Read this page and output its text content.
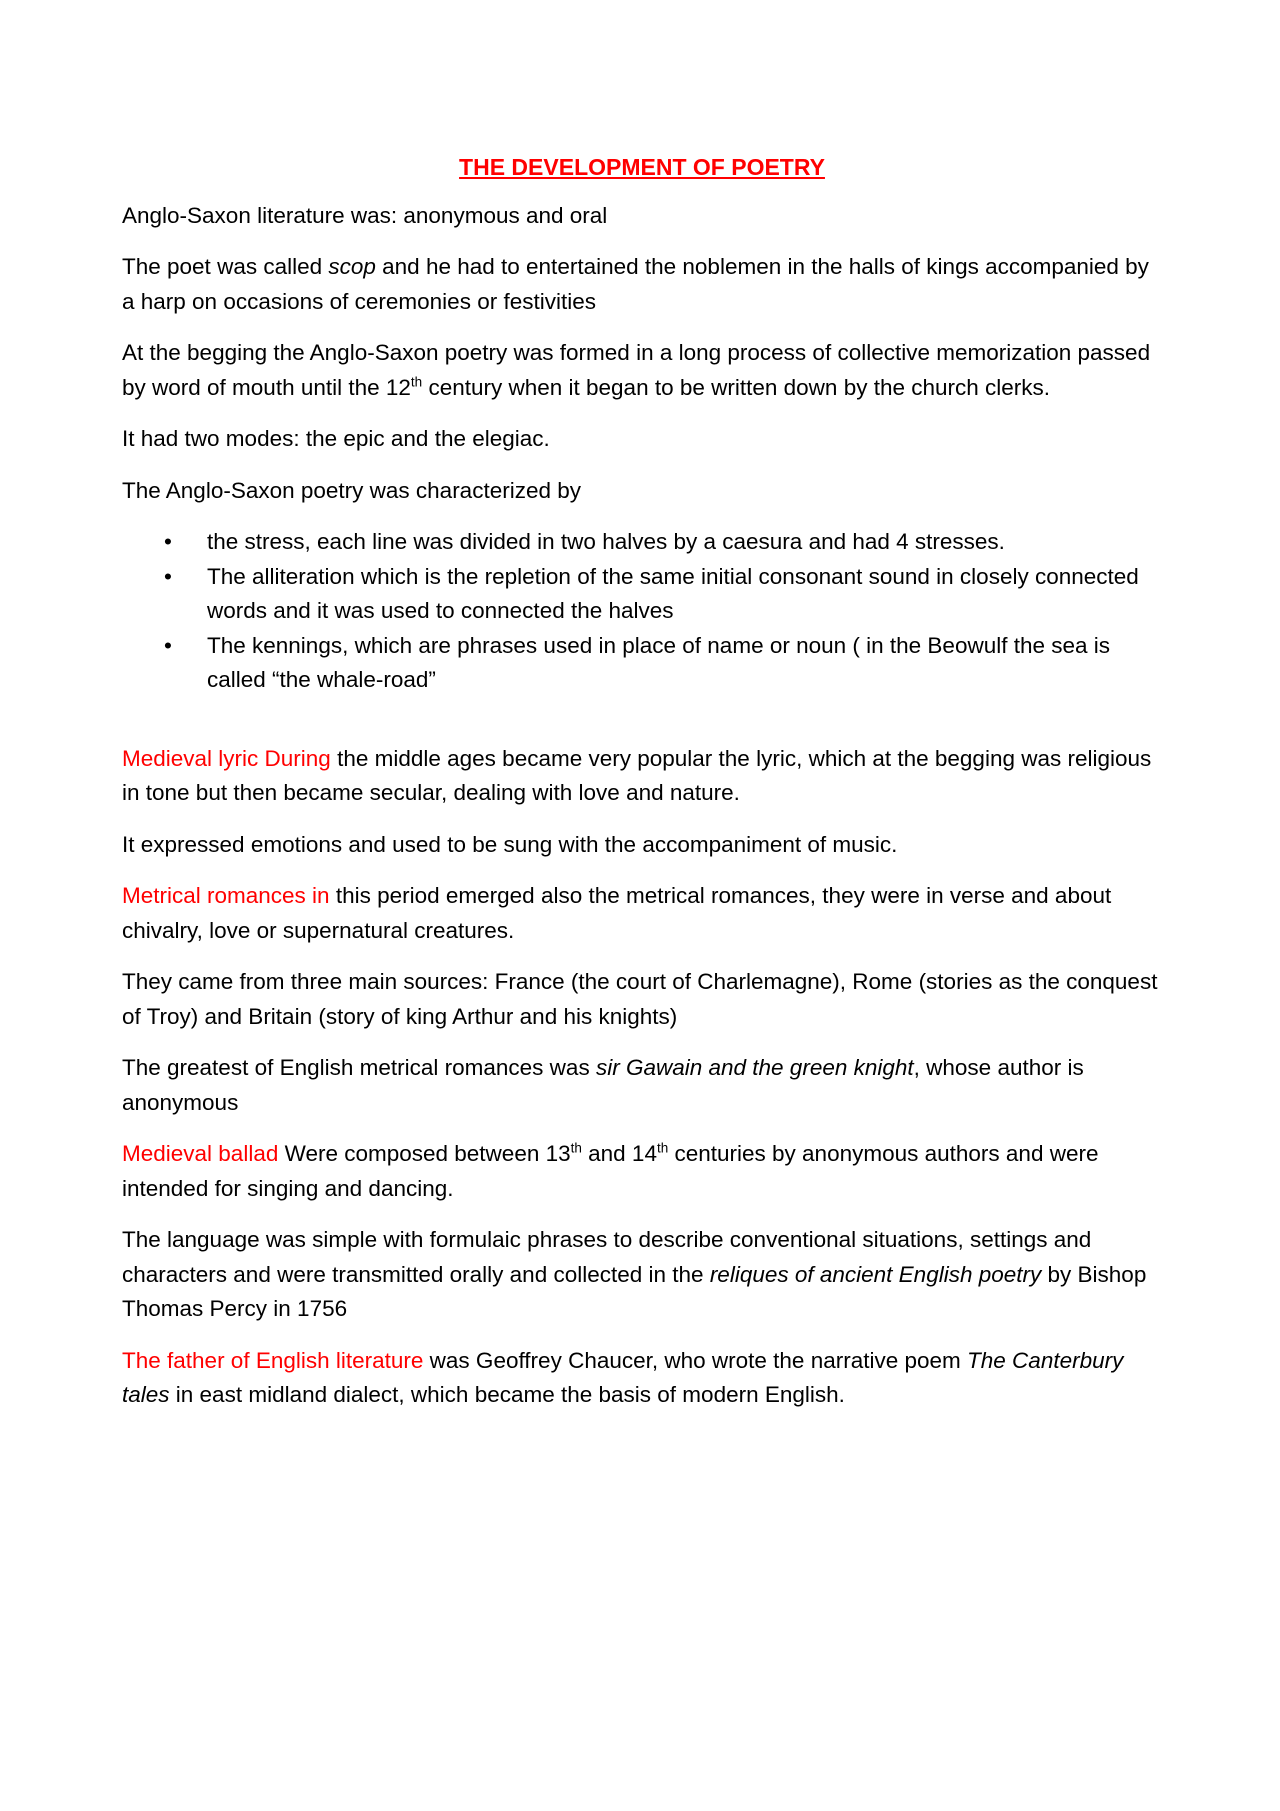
THE DEVELOPMENT OF POETRY

Anglo-Saxon literature was: anonymous and oral

The poet was called scop and he had to entertained the noblemen in the halls of kings accompanied by a harp on occasions of ceremonies or festivities

At the begging the Anglo-Saxon poetry was formed in a long process of collective memorization passed by word of mouth until the 12th century when it began to be written down by the church clerks.

It had two modes: the epic and the elegiac.

The Anglo-Saxon poetry was characterized by

• the stress, each line was divided in two halves by a caesura and had 4 stresses.
• The alliteration which is the repletion of the same initial consonant sound in closely connected words and it was used to connected the halves
• The kennings, which are phrases used in place of name or noun ( in the Beowulf the sea is called “the whale-road”

Medieval lyric During the middle ages became very popular the lyric, which at the begging was religious in tone but then became secular, dealing with love and nature.

It expressed emotions and used to be sung with the accompaniment of music.

Metrical romances in this period emerged also the metrical romances, they were in verse and about chivalry, love or supernatural creatures.

They came from three main sources: France (the court of Charlemagne), Rome (stories as the conquest of Troy) and Britain (story of king Arthur and his knights)

The greatest of English metrical romances was sir Gawain and the green knight, whose author is anonymous

Medieval ballad Were composed between 13th and 14th centuries by anonymous authors and were intended for singing and dancing.

The language was simple with formulaic phrases to describe conventional situations, settings and characters and were transmitted orally and collected in the reliques of ancient English poetry by Bishop Thomas Percy in 1756

The father of English literature was Geoffrey Chaucer, who wrote the narrative poem The Canterbury tales in east midland dialect, which became the basis of modern English.
